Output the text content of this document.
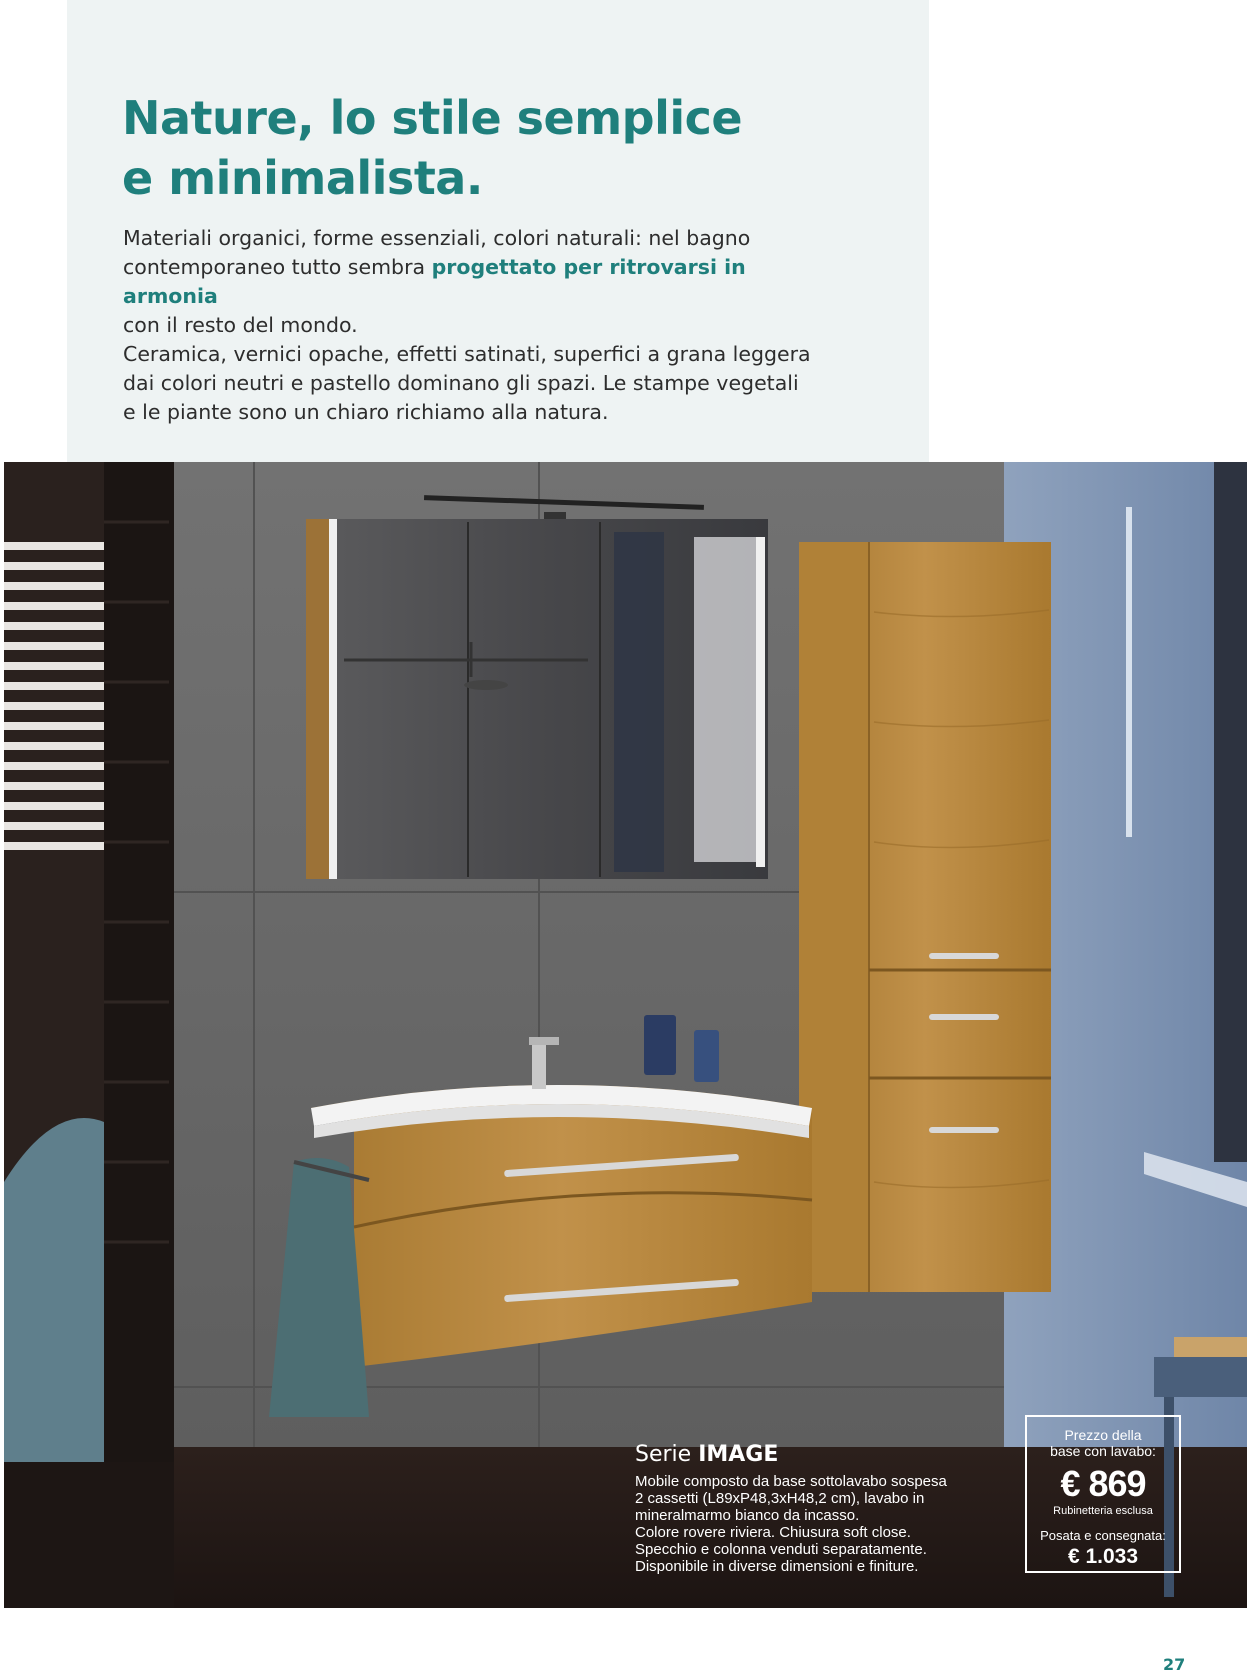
Nature, lo stile semplice
e minimalista.

Materiali organici, forme essenziali, colori naturali: nel bagno
contemporaneo tutto sembra progettato per ritrovarsi in armonia
con il resto del mondo.

Ceramica, vernici opache, effetti satinati, superfici a grana leggera
dai colori neutri e pastello dominano gli spazi. Le stampe vegetali
e le piante sono un chiaro richiamo alla natura.

Serie IMAGE
Mobile composto da base sottolavabo sospesa
2 cassetti (L89xP48,3xH48,2 cm), lavabo in
mineralmarmo bianco da incasso.
Colore rovere riviera. Chiusura soft close.
Specchio e colonna venduti separatamente.
Disponibile in diverse dimensioni e finiture.
Prezzo della
base con lavabo:
€ 869
Rubinetteria esclusa
Posata e consegnata:
€ 1.033
27
